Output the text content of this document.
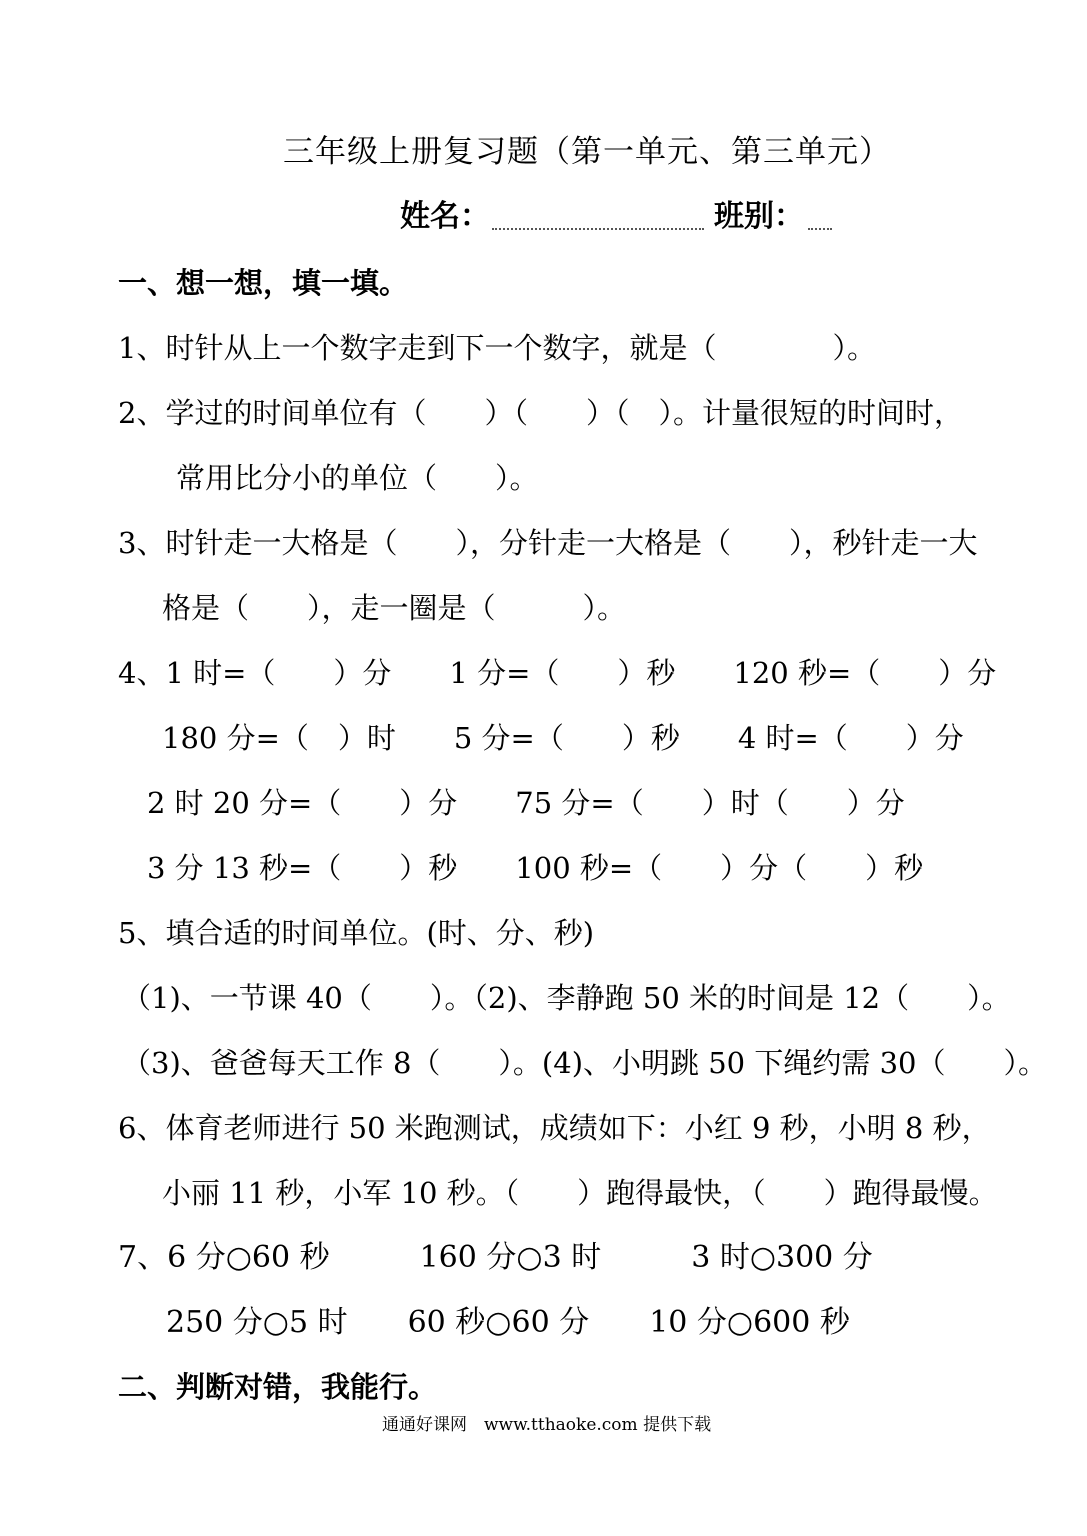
三年级上册复习题（第一单元、第三单元）
姓名：	班别：
一、想一想，填一填。
1、时针从上一个数字走到下一个数字，就是（　　　　）。
2、学过的时间单位有（　　）（　　）（　）。计量很短的时间时，
常用比分小的单位（　　）。
3、时针走一大格是（　　），分针走一大格是（　　），秒针走一大
格是（　　），走一圈是（　　　）。
4、1 时=（　　）分　　1 分=（　　）秒　　120 秒=（　　）分
180 分=（　）时　　5 分=（　　）秒　　4 时=（　　）分
2 时 20 分=（　　）分　　75 分=（　　）时（　　）分
3 分 13 秒=（　　）秒　　100 秒=（　　）分（　　）秒
5、填合适的时间单位。(时、分、秒)
（1)、一节课 40（　　）。（2)、李静跑 50 米的时间是 12（　　）。
（3)、爸爸每天工作 8（　　）。(4)、小明跳 50 下绳约需 30（　　）。
6、体育老师进行 50 米跑测试，成绩如下：小红 9 秒，小明 8 秒，
小丽 11 秒，小军 10 秒。（　　）跑得最快，（　　）跑得最慢。
7、6 分○60 秒　　　160 分○3 时　　　3 时○300 分
250 分○5 时　　60 秒○60 分　　10 分○600 秒
二、判断对错，我能行。
通通好课网　www.tthaoke.com 提供下载
